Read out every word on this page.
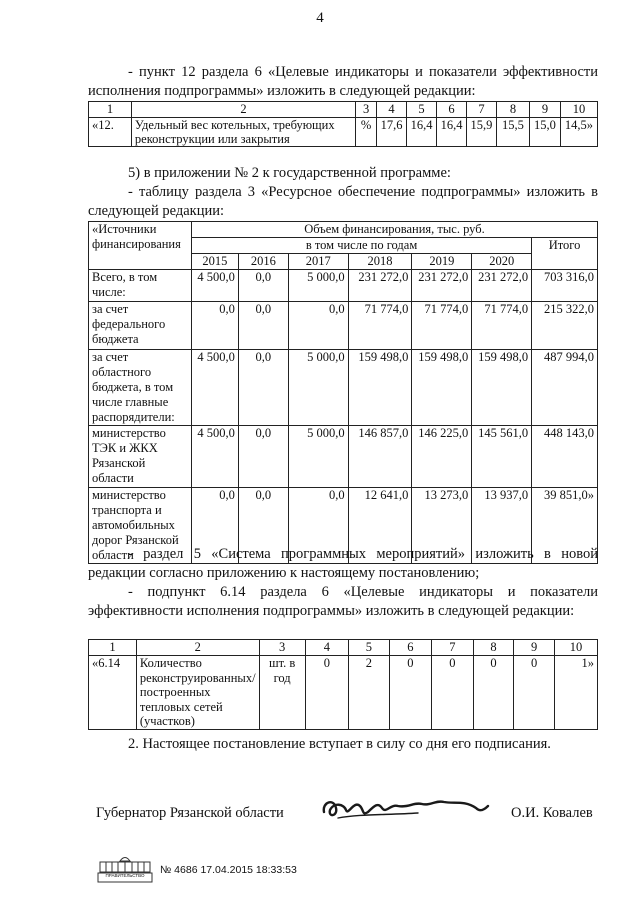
4
- пункт 12 раздела 6 «Целевые индикаторы и показатели эффективности исполнения подпрограммы» изложить в следующей редакции:
1	2	3	4	5	6	7	8	9	10
«12.	Удельный вес котельных, требующих реконструкции или закрытия	%	17,6	16,4	16,4	15,9	15,5	15,0	14,5»
5) в приложении № 2 к государственной программе:
- таблицу раздела 3 «Ресурсное обеспечение подпрограммы» изложить в следующей редакции:
«Источники финансирования	Объем финансирования, тыс. руб.						
	в том числе по годам						Итого
	2015	2016	2017	2018	2019	2020	
Всего, в том числе:	4 500,0	0,0	5 000,0	231 272,0	231 272,0	231 272,0	703 316,0
за счет федерального бюджета	0,0	0,0	0,0	71 774,0	71 774,0	71 774,0	215 322,0
за счет областного бюджета, в том числе главные распорядители:	4 500,0	0,0	5 000,0	159 498,0	159 498,0	159 498,0	487 994,0
министерство ТЭК и ЖКХ Рязанской области	4 500,0	0,0	5 000,0	146 857,0	146 225,0	145 561,0	448 143,0
министерство транспорта и автомобильных дорог Рязанской области	0,0	0,0	0,0	12 641,0	13 273,0	13 937,0	39 851,0»
- раздел 5 «Система программных мероприятий» изложить в новой редакции согласно приложению к настоящему постановлению;
- подпункт 6.14 раздела 6 «Целевые индикаторы и показатели эффективности исполнения подпрограммы» изложить в следующей редакции:
1	2	3	4	5	6	7	8	9	10
«6.14	Количество реконструированных/построенных тепловых сетей (участков)	шт. в год	0	2	0	0	0	0	1»
2. Настоящее постановление вступает в силу со дня его подписания.
Губернатор Рязанской области	О.И. Ковалев
ПРАВИТЕЛЬСТВО	№ 4686 17.04.2015 18:33:53
